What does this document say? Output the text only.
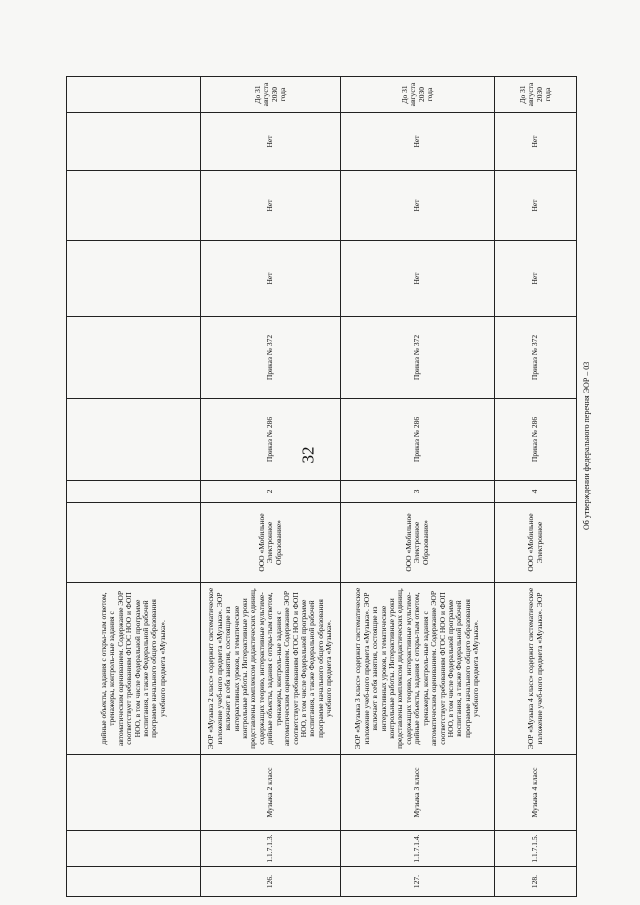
32
			дийные объекты, задания с откры-тым ответом, тренажеры, контроль-ные задания с автоматическим оцениванием. Содержание ЭОР соответствует требованиям ФГОС НОО и ФОП НОО, в том числе Федеральной программе воспитания, а также Федеральной рабочей программе начального общего образования учебного предмета «Музыка».								
126.	1.1.7.1.3.	Музыка 2 класс	ЭОР «Музыка 2 класс» содержит систематическое изложение учеб-ного предмета «Музыка». ЭОР включает в себя занятия, состоящие из интерактивных уроков, и тематические контрольные работы. Интерактивные уроки представлены комплексом дидактических единиц, содержащих теорию, интерактивные мультиме-дийные объекты, задания с откры-тым ответом, тренажеры, контроль-ные задания с автоматическим оцениванием. Содержание ЭОР соответствует требованиям ФГОС НОО и ФОП НОО, в том числе Федеральной программе воспитания, а также Федеральной рабочей программе начального общего образования учебного предмета «Музыка».	ООО «Мобильное Электронное Образование»	2	Приказ № 286	Приказ № 372	Нет	Нет	Нет	До 31 августа 2030 года
127.	1.1.7.1.4.	Музыка 3 класс	ЭОР «Музыка 3 класс» содержит систематическое изложение учеб-ного предмета «Музыка». ЭОР включает в себя занятия, состоящие из интерактивных уроков, и тематические контрольные работы. Интерактивные уроки представлены комплексом дидактических единиц, содержащих теорию, интерактивные мультиме-дийные объекты, задания с откры-тым ответом, тренажеры, контроль-ные задания с автоматическим оцениванием. Содержание ЭОР соответствует требованиям ФГОС НОО и ФОП НОО, в том числе Федеральной программе воспитания, а также Федеральной рабочей программе начального общего образования учебного предмета «Музыка».	ООО «Мобильное Электронное Образование»	3	Приказ № 286	Приказ № 372	Нет	Нет	Нет	До 31 августа 2030 года
128.	1.1.7.1.5.	Музыка 4 класс	ЭОР «Музыка 4 класс» содержит систематическое изложение учеб-ного предмета «Музыка». ЭОР	ООО «Мобильное Электронное	4	Приказ № 286	Приказ № 372	Нет	Нет	Нет	До 31 августа 2030 года
Об утверждении федерального перечня ЭОР – 03
